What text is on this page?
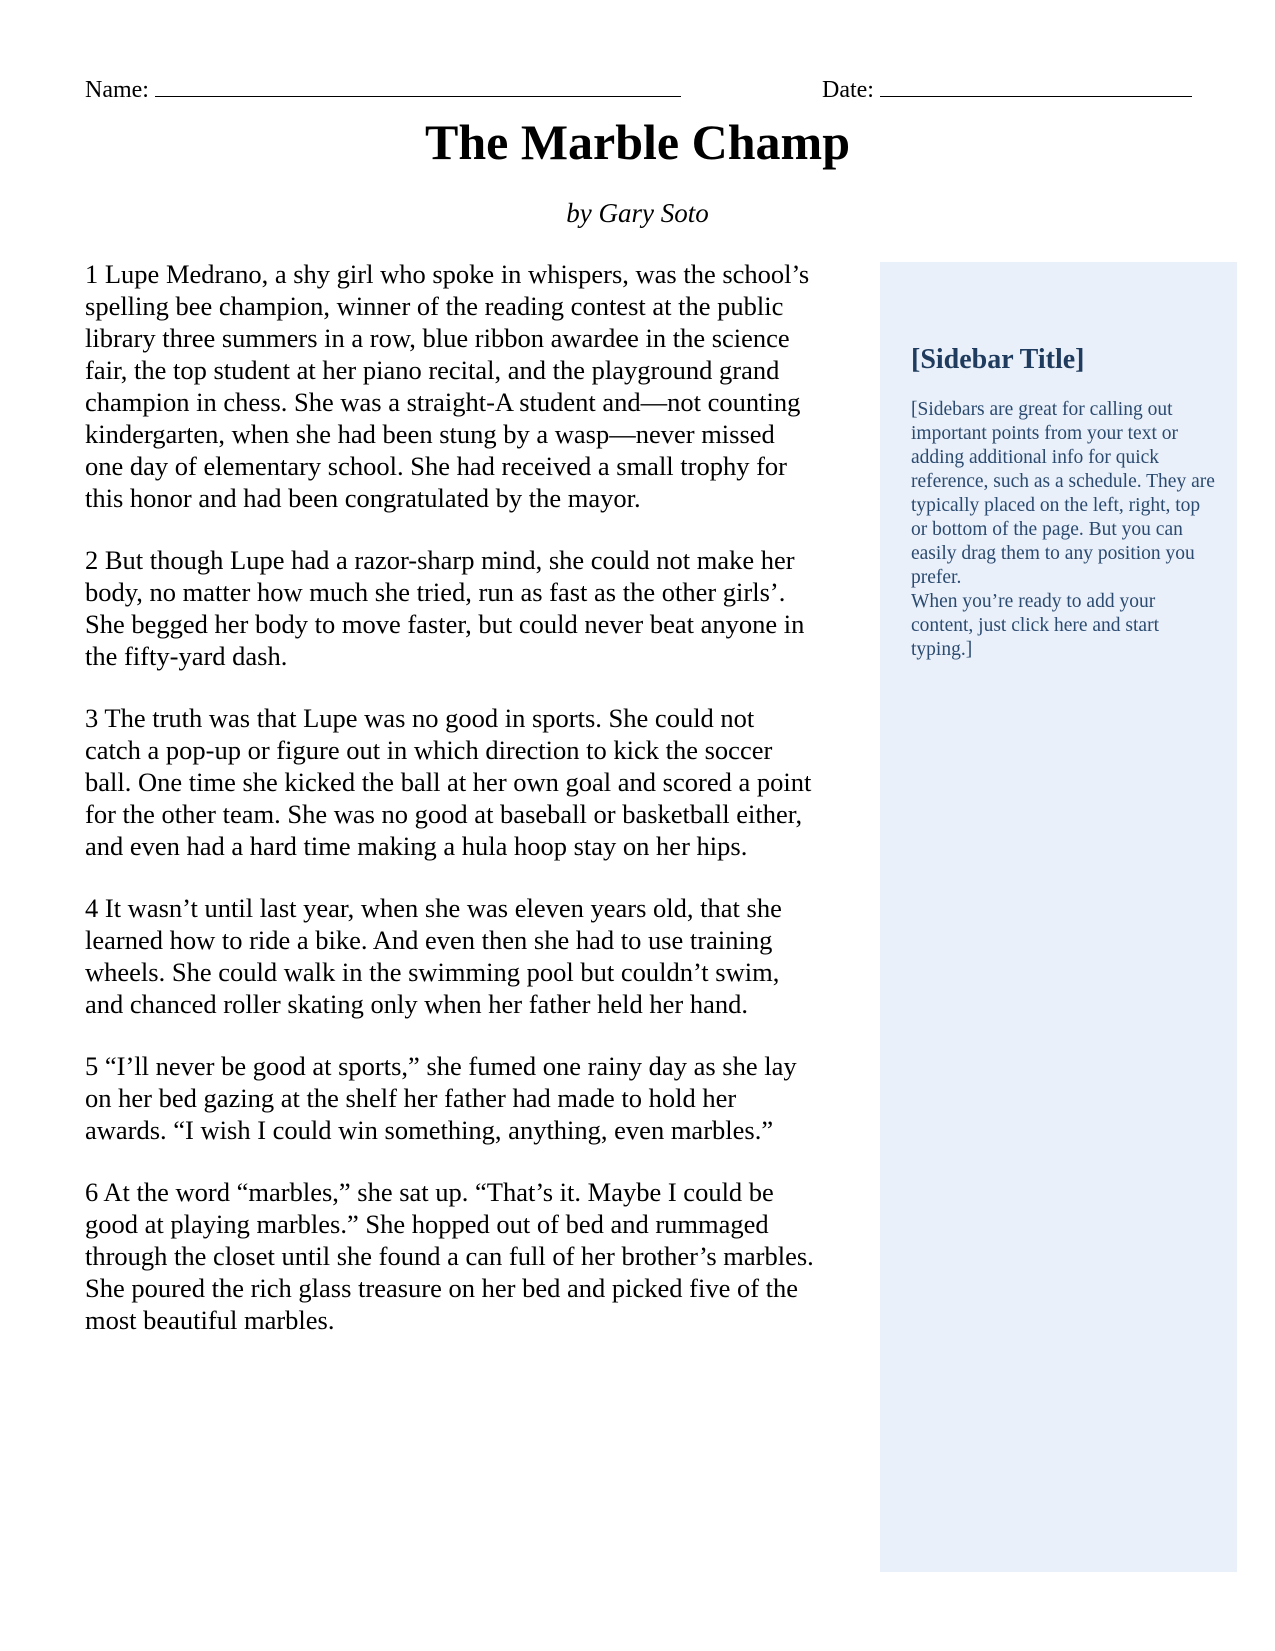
Name:	Date:
The Marble Champ

by Gary Soto

1 Lupe Medrano, a shy girl who spoke in whispers, was the school’s spelling bee champion, winner of the reading contest at the public library three summers in a row, blue ribbon awardee in the science fair, the top student at her piano recital, and the playground grand champion in chess. She was a straight-A student and—not counting kindergarten, when she had been stung by a wasp—never missed one day of elementary school. She had received a small trophy for this honor and had been congratulated by the mayor.

2 But though Lupe had a razor-sharp mind, she could not make her body, no matter how much she tried, run as fast as the other girls’. She begged her body to move faster, but could never beat anyone in the fifty-yard dash.

3 The truth was that Lupe was no good in sports. She could not catch a pop-up or figure out in which direction to kick the soccer ball. One time she kicked the ball at her own goal and scored a point for the other team. She was no good at baseball or basketball either, and even had a hard time making a hula hoop stay on her hips.

4 It wasn’t until last year, when she was eleven years old, that she learned how to ride a bike. And even then she had to use training wheels. She could walk in the swimming pool but couldn’t swim, and chanced roller skating only when her father held her hand.

5 “I’ll never be good at sports,” she fumed one rainy day as she lay on her bed gazing at the shelf her father had made to hold her awards. “I wish I could win something, anything, even marbles.”

6 At the word “marbles,” she sat up. “That’s it. Maybe I could be good at playing marbles.” She hopped out of bed and rummaged through the closet until she found a can full of her brother’s marbles. She poured the rich glass treasure on her bed and picked five of the most beautiful marbles.

[Sidebar Title]

[Sidebars are great for calling out important points from your text or adding additional info for quick reference, such as a schedule. They are typically placed on the left, right, top or bottom of the page. But you can easily drag them to any position you prefer.
When you’re ready to add your content, just click here and start typing.]
